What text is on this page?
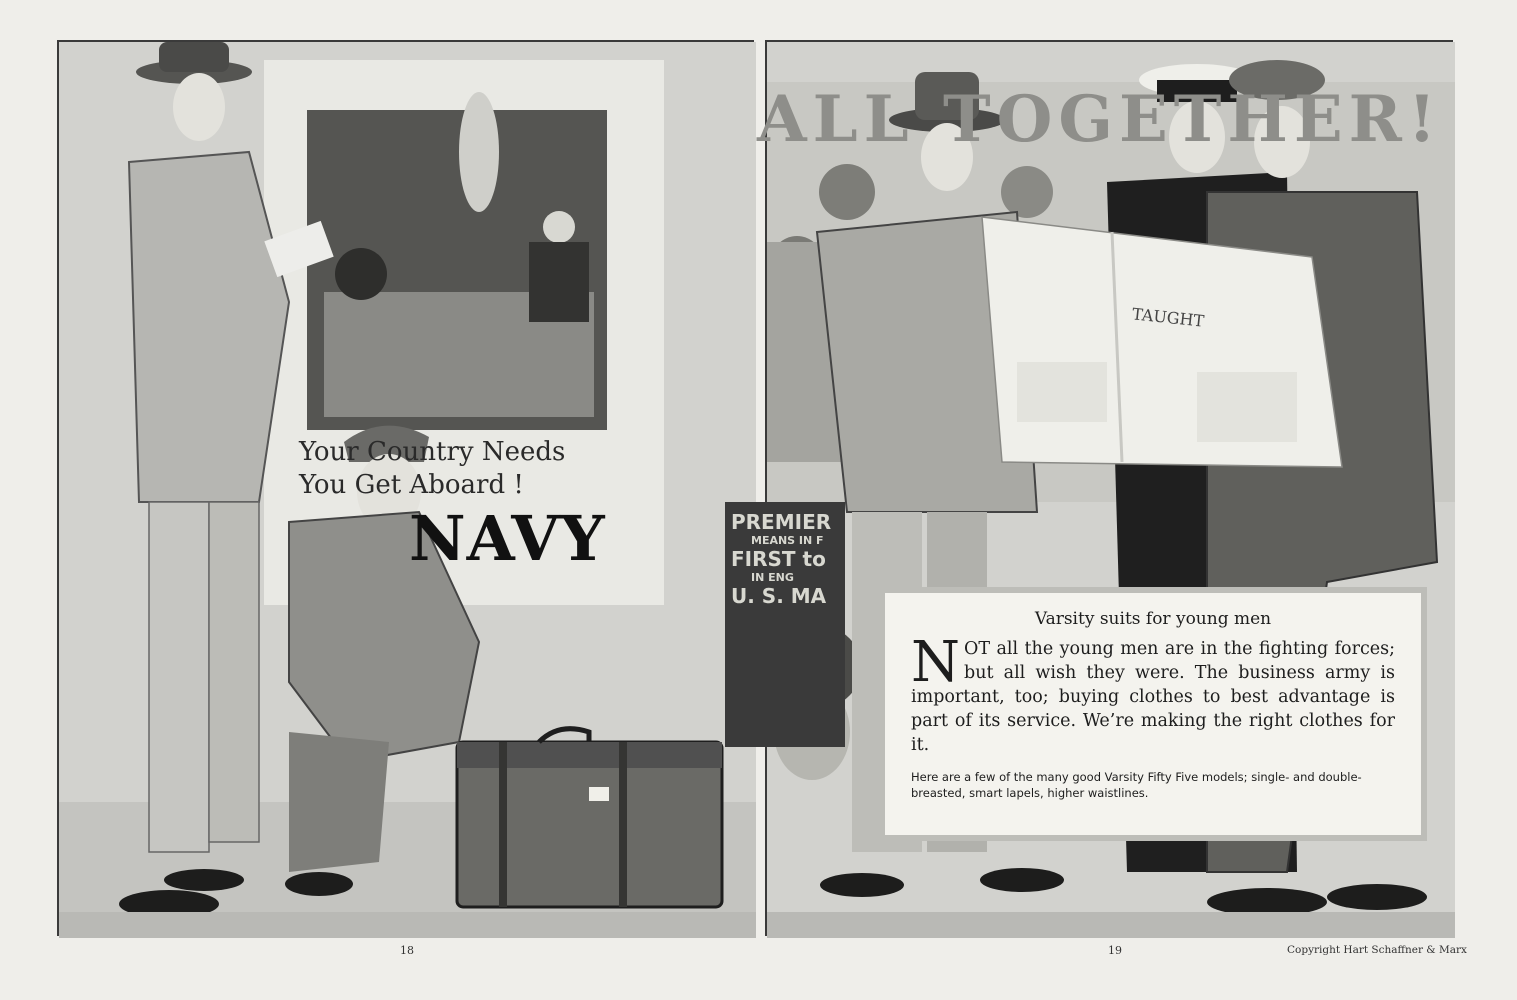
Your Country Needs
You Get Aboard !
NAVY
ALL TOGETHER!
PREMIER
MEANS IN F
FIRST to
IN ENG
U. S. MA
TAUGHT
Varsity suits for young men
NOT all the young men are in the fighting forces; but all wish they were. The business army is important, too; buying clothes to best advantage is part of its service. We’re making the right clothes for it.
Here are a few of the many good Varsity Fifty Five models; single- and double-breasted, smart lapels, higher waistlines.
18	19	Copyright Hart Schaffner & Marx
